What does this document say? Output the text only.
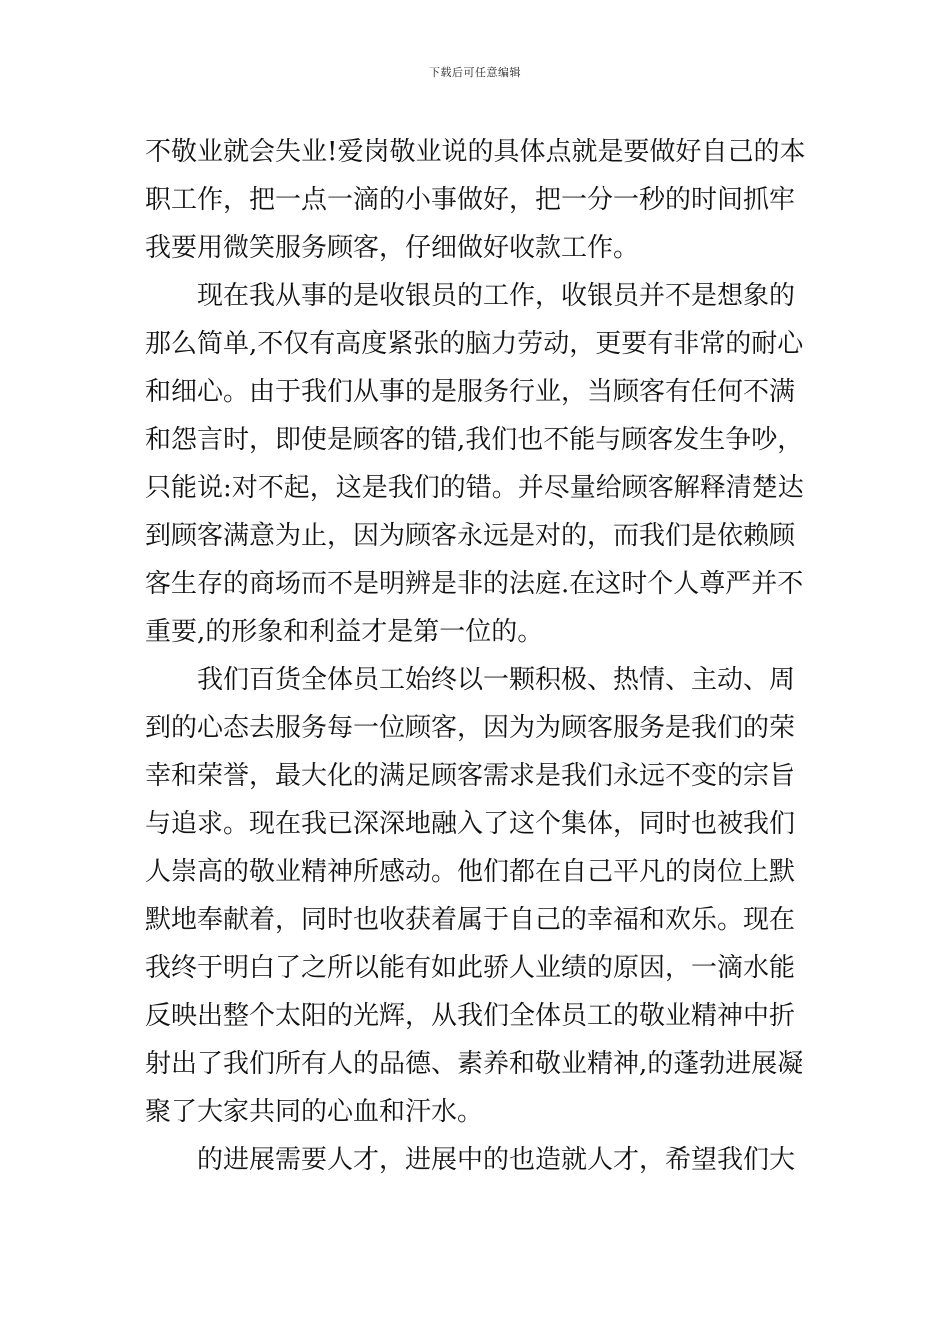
下载后可任意编辑
不敬业就会失业!爱岗敬业说的具体点就是要做好自己的本
职工作，把一点一滴的小事做好，把一分一秒的时间抓牢
我要用微笑服务顾客，仔细做好收款工作。
现在我从事的是收银员的工作，收银员并不是想象的
那么简单,不仅有高度紧张的脑力劳动，更要有非常的耐心
和细心。由于我们从事的是服务行业，当顾客有任何不满
和怨言时，即使是顾客的错,我们也不能与顾客发生争吵，
只能说:对不起，这是我们的错。并尽量给顾客解释清楚达
到顾客满意为止，因为顾客永远是对的，而我们是依赖顾
客生存的商场而不是明辨是非的法庭.在这时个人尊严并不
重要,的形象和利益才是第一位的。
我们百货全体员工始终以一颗积极、热情、主动、周
到的心态去服务每一位顾客，因为为顾客服务是我们的荣
幸和荣誉，最大化的满足顾客需求是我们永远不变的宗旨
与追求。现在我已深深地融入了这个集体，同时也被我们
人崇高的敬业精神所感动。他们都在自己平凡的岗位上默
默地奉献着，同时也收获着属于自己的幸福和欢乐。现在
我终于明白了之所以能有如此骄人业绩的原因，一滴水能
反映出整个太阳的光辉，从我们全体员工的敬业精神中折
射出了我们所有人的品德、素养和敬业精神,的蓬勃进展凝
聚了大家共同的心血和汗水。
的进展需要人才，进展中的也造就人才，希望我们大
